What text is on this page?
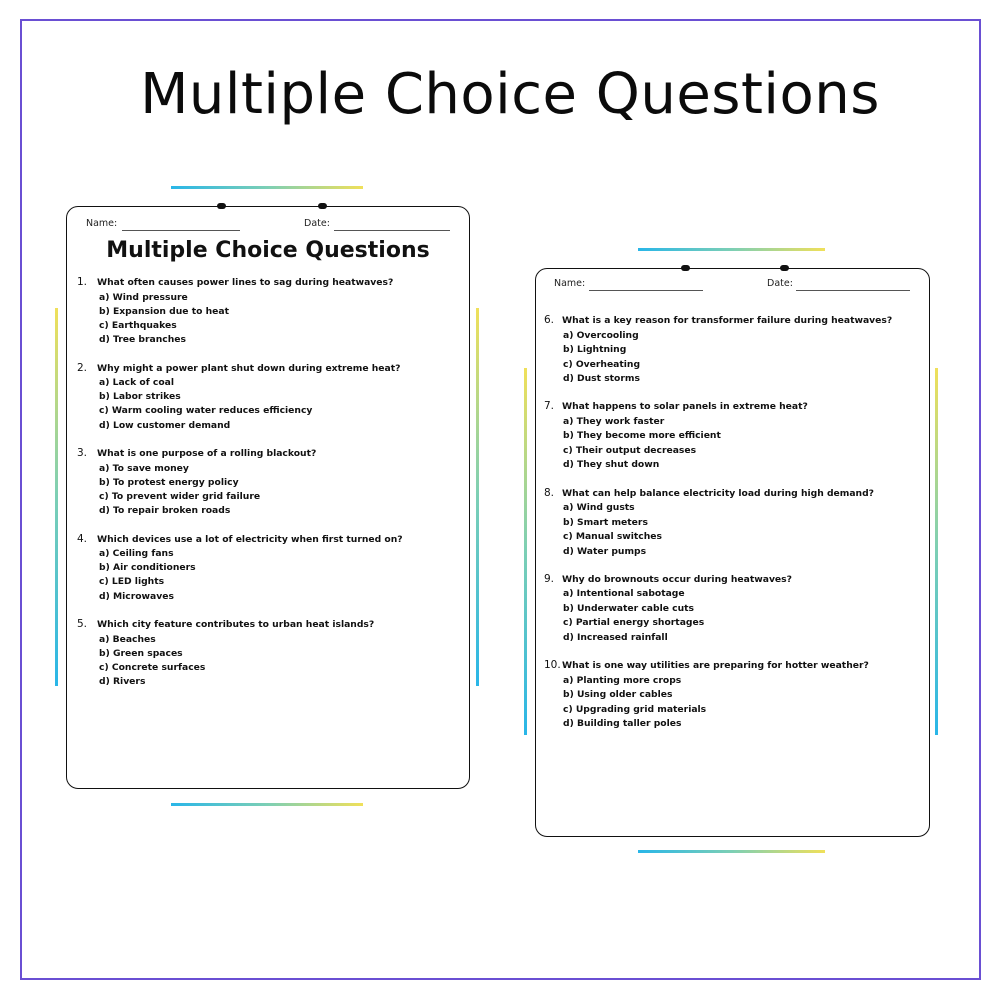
Multiple Choice Questions
Name:	Date:
Multiple Choice Questions
1. What often causes power lines to sag during heatwaves?
a) Wind pressure
b) Expansion due to heat
c) Earthquakes
d) Tree branches
2. Why might a power plant shut down during extreme heat?
a) Lack of coal
b) Labor strikes
c) Warm cooling water reduces efficiency
d) Low customer demand
3. What is one purpose of a rolling blackout?
a) To save money
b) To protest energy policy
c) To prevent wider grid failure
d) To repair broken roads
4. Which devices use a lot of electricity when first turned on?
a) Ceiling fans
b) Air conditioners
c) LED lights
d) Microwaves
5. Which city feature contributes to urban heat islands?
a) Beaches
b) Green spaces
c) Concrete surfaces
d) Rivers
Name:	Date:
6. What is a key reason for transformer failure during heatwaves?
a) Overcooling
b) Lightning
c) Overheating
d) Dust storms
7. What happens to solar panels in extreme heat?
a) They work faster
b) They become more efficient
c) Their output decreases
d) They shut down
8. What can help balance electricity load during high demand?
a) Wind gusts
b) Smart meters
c) Manual switches
d) Water pumps
9. Why do brownouts occur during heatwaves?
a) Intentional sabotage
b) Underwater cable cuts
c) Partial energy shortages
d) Increased rainfall
10. What is one way utilities are preparing for hotter weather?
a) Planting more crops
b) Using older cables
c) Upgrading grid materials
d) Building taller poles
